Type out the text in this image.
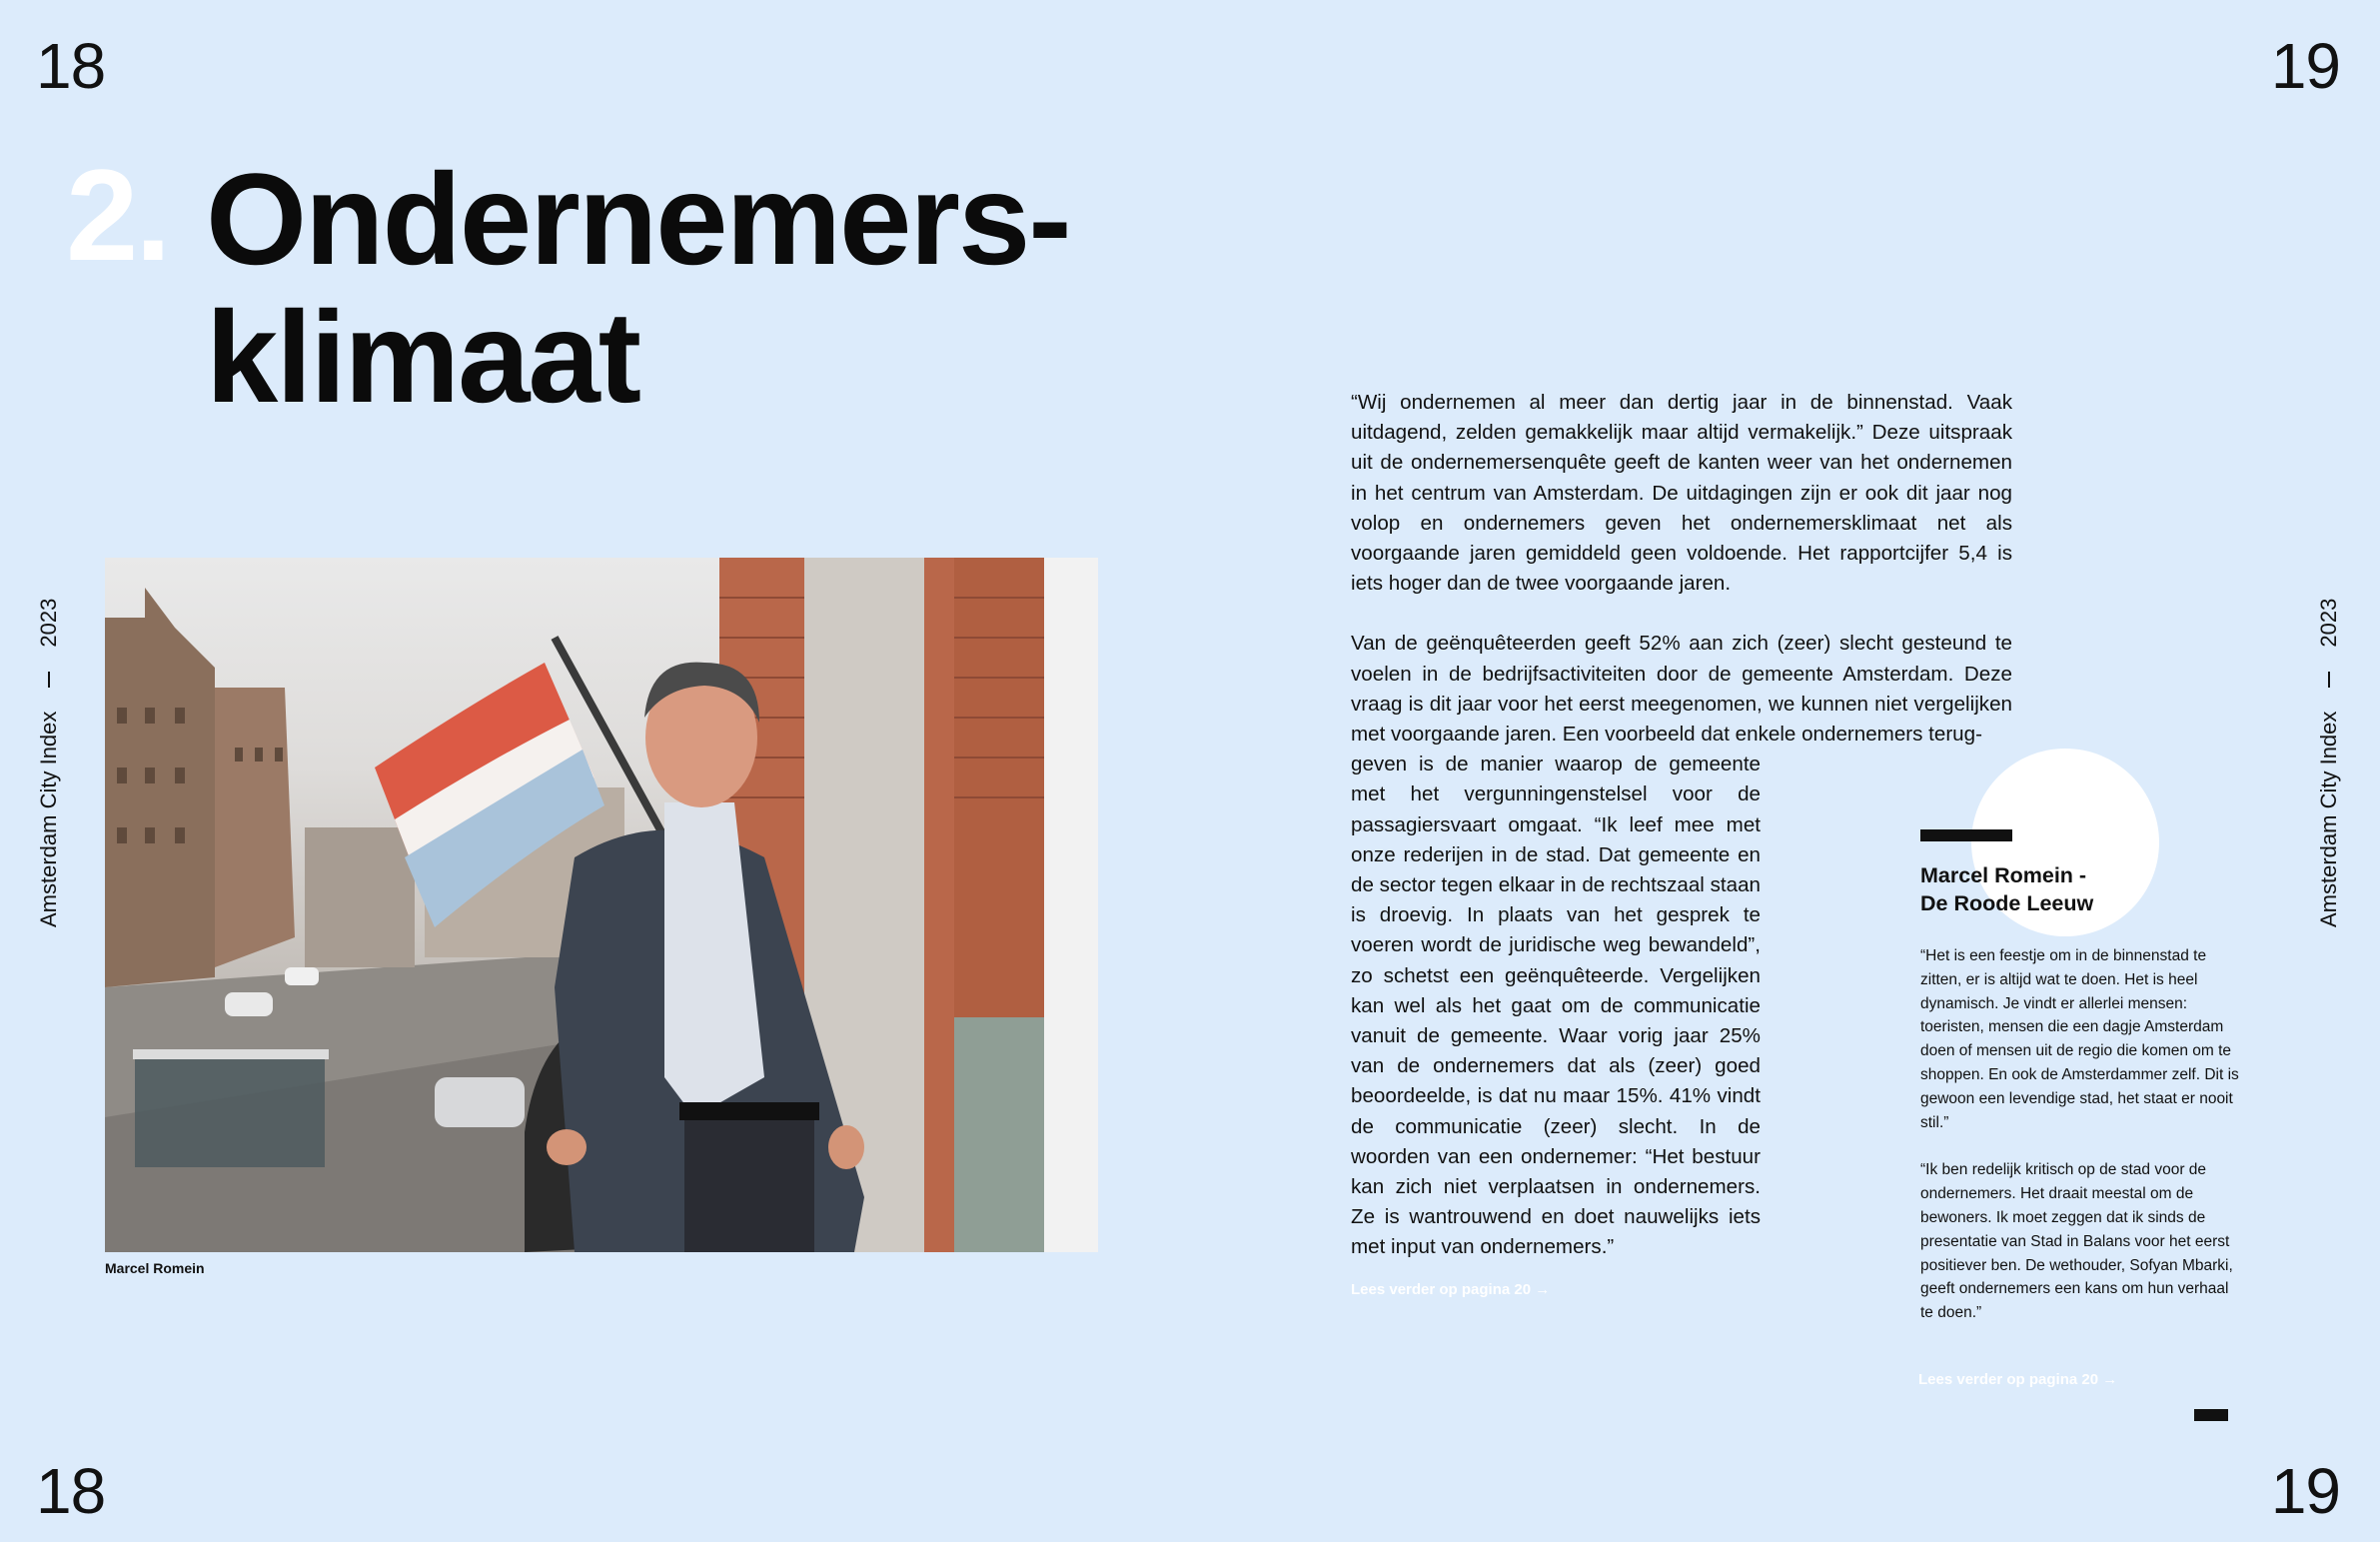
18	19
18	19
Amsterdam City Index
2023
Amsterdam City Index
2023
2. Ondernemers-
klimaat
Marcel Romein

“Wij ondernemen al meer dan dertig jaar in de binnenstad. Vaak uitdagend, zelden gemakkelijk maar altijd vermakelijk.” Deze uitspraak uit de ondernemersenquête geeft de kanten weer van het ondernemen in het centrum van Amsterdam. De uitdagingen zijn er ook dit jaar nog volop en ondernemers geven het ondernemersklimaat net als voorgaande jaren gemiddeld geen voldoende. Het rapportcijfer 5,4 is iets hoger dan de twee voorgaande jaren.

Van de geënquêteerden geeft 52% aan zich (zeer) slecht gesteund te voelen in de bedrijfsactiviteiten door de gemeente Amsterdam. Deze vraag is dit jaar voor het eerst meegenomen, we kunnen niet vergelijken met voorgaande jaren. Een voorbeeld dat enkele ondernemers terug-
geven is de manier waarop de gemeente met het vergunningenstelsel voor de passagiersvaart omgaat. “Ik leef mee met onze rederijen in de stad. Dat gemeente en de sector tegen elkaar in de rechtszaal staan is droevig. In plaats van het gesprek te voeren wordt de juridische weg bewandeld”, zo schetst een geënquêteerde. Vergelijken kan wel als het gaat om de communicatie vanuit de gemeente. Waar vorig jaar 25% van de ondernemers dat als (zeer) goed beoordeelde, is dat nu maar 15%. 41% vindt de communicatie (zeer) slecht. In de woorden van een ondernemer: “Het bestuur kan zich niet verplaatsen in ondernemers. Ze is wantrouwend en doet nauwelijks iets met input van ondernemers.”
Lees verder op pagina 20 →
Marcel Romein -
De Roode Leeuw

“Het is een feestje om in de binnenstad te zitten, er is altijd wat te doen. Het is heel dynamisch. Je vindt er allerlei mensen: toeristen, mensen die een dagje Amsterdam doen of mensen uit de regio die komen om te shoppen. En ook de Amsterdammer zelf. Dit is gewoon een levendige stad, het staat er nooit stil.”

“Ik ben redelijk kritisch op de stad voor de ondernemers. Het draait meestal om de bewoners. Ik moet zeggen dat ik sinds de presentatie van Stad in Balans voor het eerst positiever ben. De wethouder, Sofyan Mbarki, geeft ondernemers een kans om hun verhaal te doen.”

Lees verder op pagina 20 →
